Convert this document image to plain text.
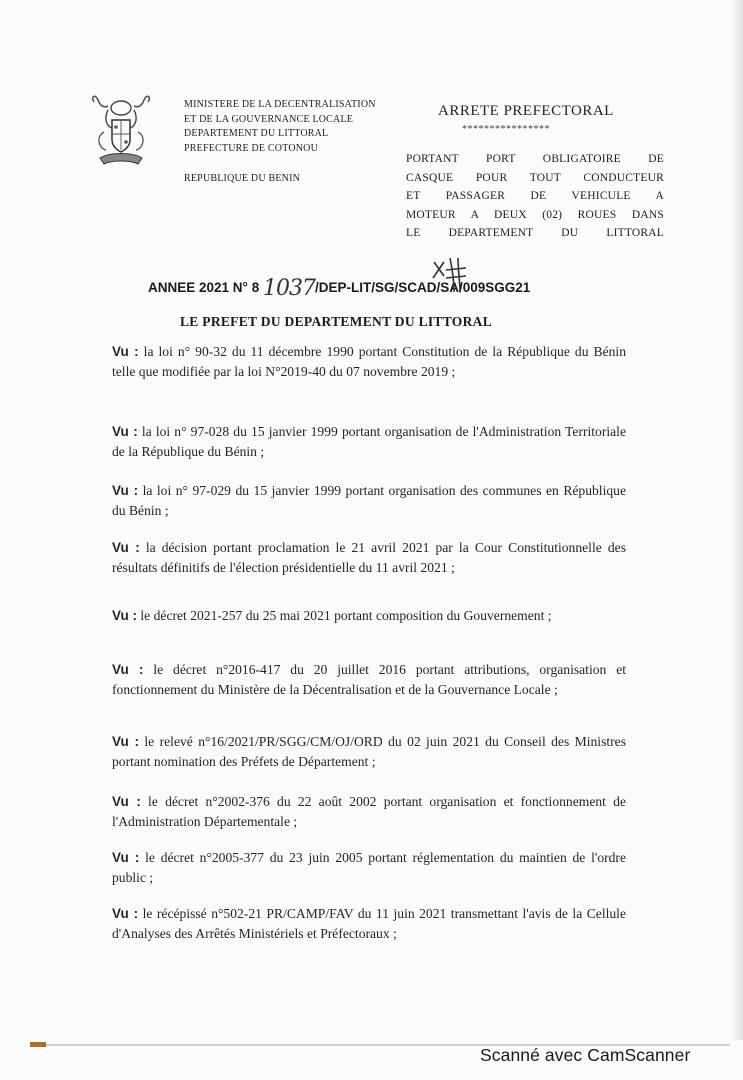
MINISTERE DE LA DECENTRALISATION
ET DE LA GOUVERNANCE LOCALE
DEPARTEMENT DU LITTORAL
PREFECTURE DE COTONOU
REPUBLIQUE DU BENIN
ARRETE PREFECTORAL
****************
PORTANT PORT OBLIGATOIRE DE
CASQUE POUR TOUT CONDUCTEUR
ET PASSAGER DE VEHICULE A
MOTEUR A DEUX (02) ROUES DANS
LE DEPARTEMENT DU LITTORAL
ANNEE 2021 N° 8 1037/DEP-LIT/SG/SCAD/SA/009SGG21
LE PREFET DU DEPARTEMENT DU LITTORAL
Vu : la loi n° 90-32 du 11 décembre 1990 portant Constitution de la République du Bénin telle que modifiée par la loi N°2019-40 du 07 novembre 2019 ;
Vu : la loi n° 97-028 du 15 janvier 1999 portant organisation de l'Administration Territoriale de la République du Bénin ;
Vu : la loi n° 97-029 du 15 janvier 1999 portant organisation des communes en République du Bénin ;
Vu : la décision portant proclamation le 21 avril 2021 par la Cour Constitutionnelle des résultats définitifs de l'élection présidentielle du 11 avril 2021 ;
Vu : le décret 2021-257 du 25 mai 2021 portant composition du Gouvernement ;
Vu : le décret n°2016-417 du 20 juillet 2016 portant attributions, organisation et fonctionnement du Ministère de la Décentralisation et de la Gouvernance Locale ;
Vu : le relevé n°16/2021/PR/SGG/CM/OJ/ORD du 02 juin 2021 du Conseil des Ministres portant nomination des Préfets de Département ;
Vu : le décret n°2002-376 du 22 août 2002 portant organisation et fonctionnement de l'Administration Départementale ;
Vu : le décret n°2005-377 du 23 juin 2005 portant réglementation du maintien de l'ordre public ;
Vu : le récépissé n°502-21 PR/CAMP/FAV du 11 juin 2021 transmettant l'avis de la Cellule d'Analyses des Arrêtés Ministériels et Préfectoraux ;
Scanné avec CamScanner
